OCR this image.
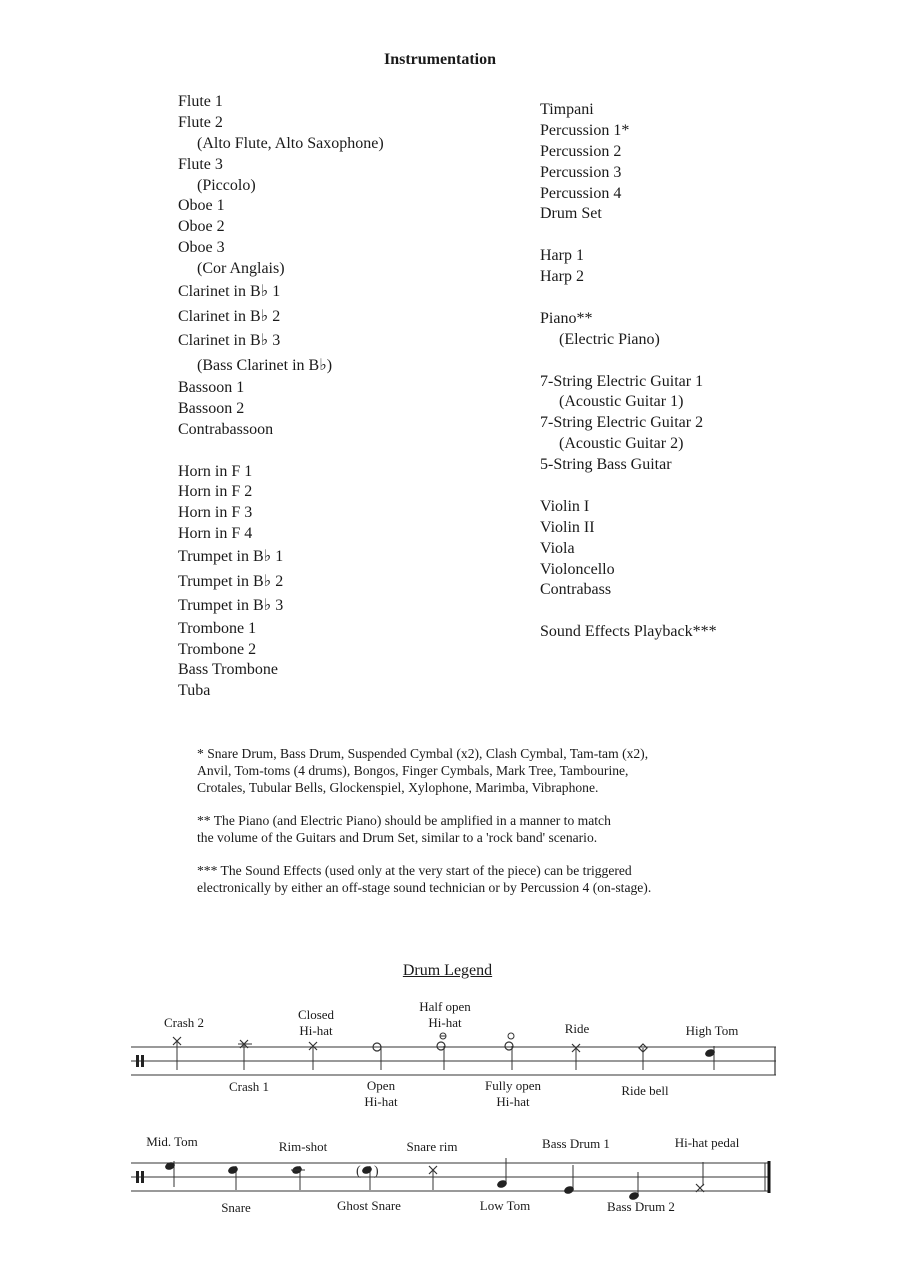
Instrumentation
Flute 1
Flute 2
(Alto Flute, Alto Saxophone)
Flute 3
(Piccolo)
Oboe 1
Oboe 2
Oboe 3
(Cor Anglais)
Clarinet in B♭ 1
Clarinet in B♭ 2
Clarinet in B♭ 3
(Bass Clarinet in B♭)
Bassoon 1
Bassoon 2
Contrabassoon
Horn in F 1
Horn in F 2
Horn in F 3
Horn in F 4
Trumpet in B♭ 1
Trumpet in B♭ 2
Trumpet in B♭ 3
Trombone 1
Trombone 2
Bass Trombone
Tuba
Timpani
Percussion 1*
Percussion 2
Percussion 3
Percussion 4
Drum Set
Harp 1
Harp 2
Piano**
(Electric Piano)
7-String Electric Guitar 1
(Acoustic Guitar 1)
7-String Electric Guitar 2
(Acoustic Guitar 2)
5-String Bass Guitar
Violin I
Violin II
Viola
Violoncello
Contrabass
Sound Effects Playback***

* Snare Drum, Bass Drum, Suspended Cymbal (x2), Clash Cymbal, Tam-tam (x2),
Anvil, Tom-toms (4 drums), Bongos, Finger Cymbals, Mark Tree, Tambourine,
Crotales, Tubular Bells, Glockenspiel, Xylophone, Marimba, Vibraphone.

** The Piano (and Electric Piano) should be amplified in a manner to match
the volume of the Guitars and Drum Set, similar to a 'rock band' scenario.

*** The Sound Effects (used only at the very start of the piece) can be triggered
electronically by either an off-stage sound technician or by Percussion 4 (on-stage).

Drum Legend
Crash 2
Closed
Hi-hat
Half open
Hi-hat	Ride	High Tom
Crash 1	Open
Hi-hat
Fully open
Hi-hat
Ride bell
( )
Mid. Tom	Rim-shot	Snare rim	Bass Drum 1	Hi-hat pedal
Snare	Ghost Snare	Low Tom	Bass Drum 2
